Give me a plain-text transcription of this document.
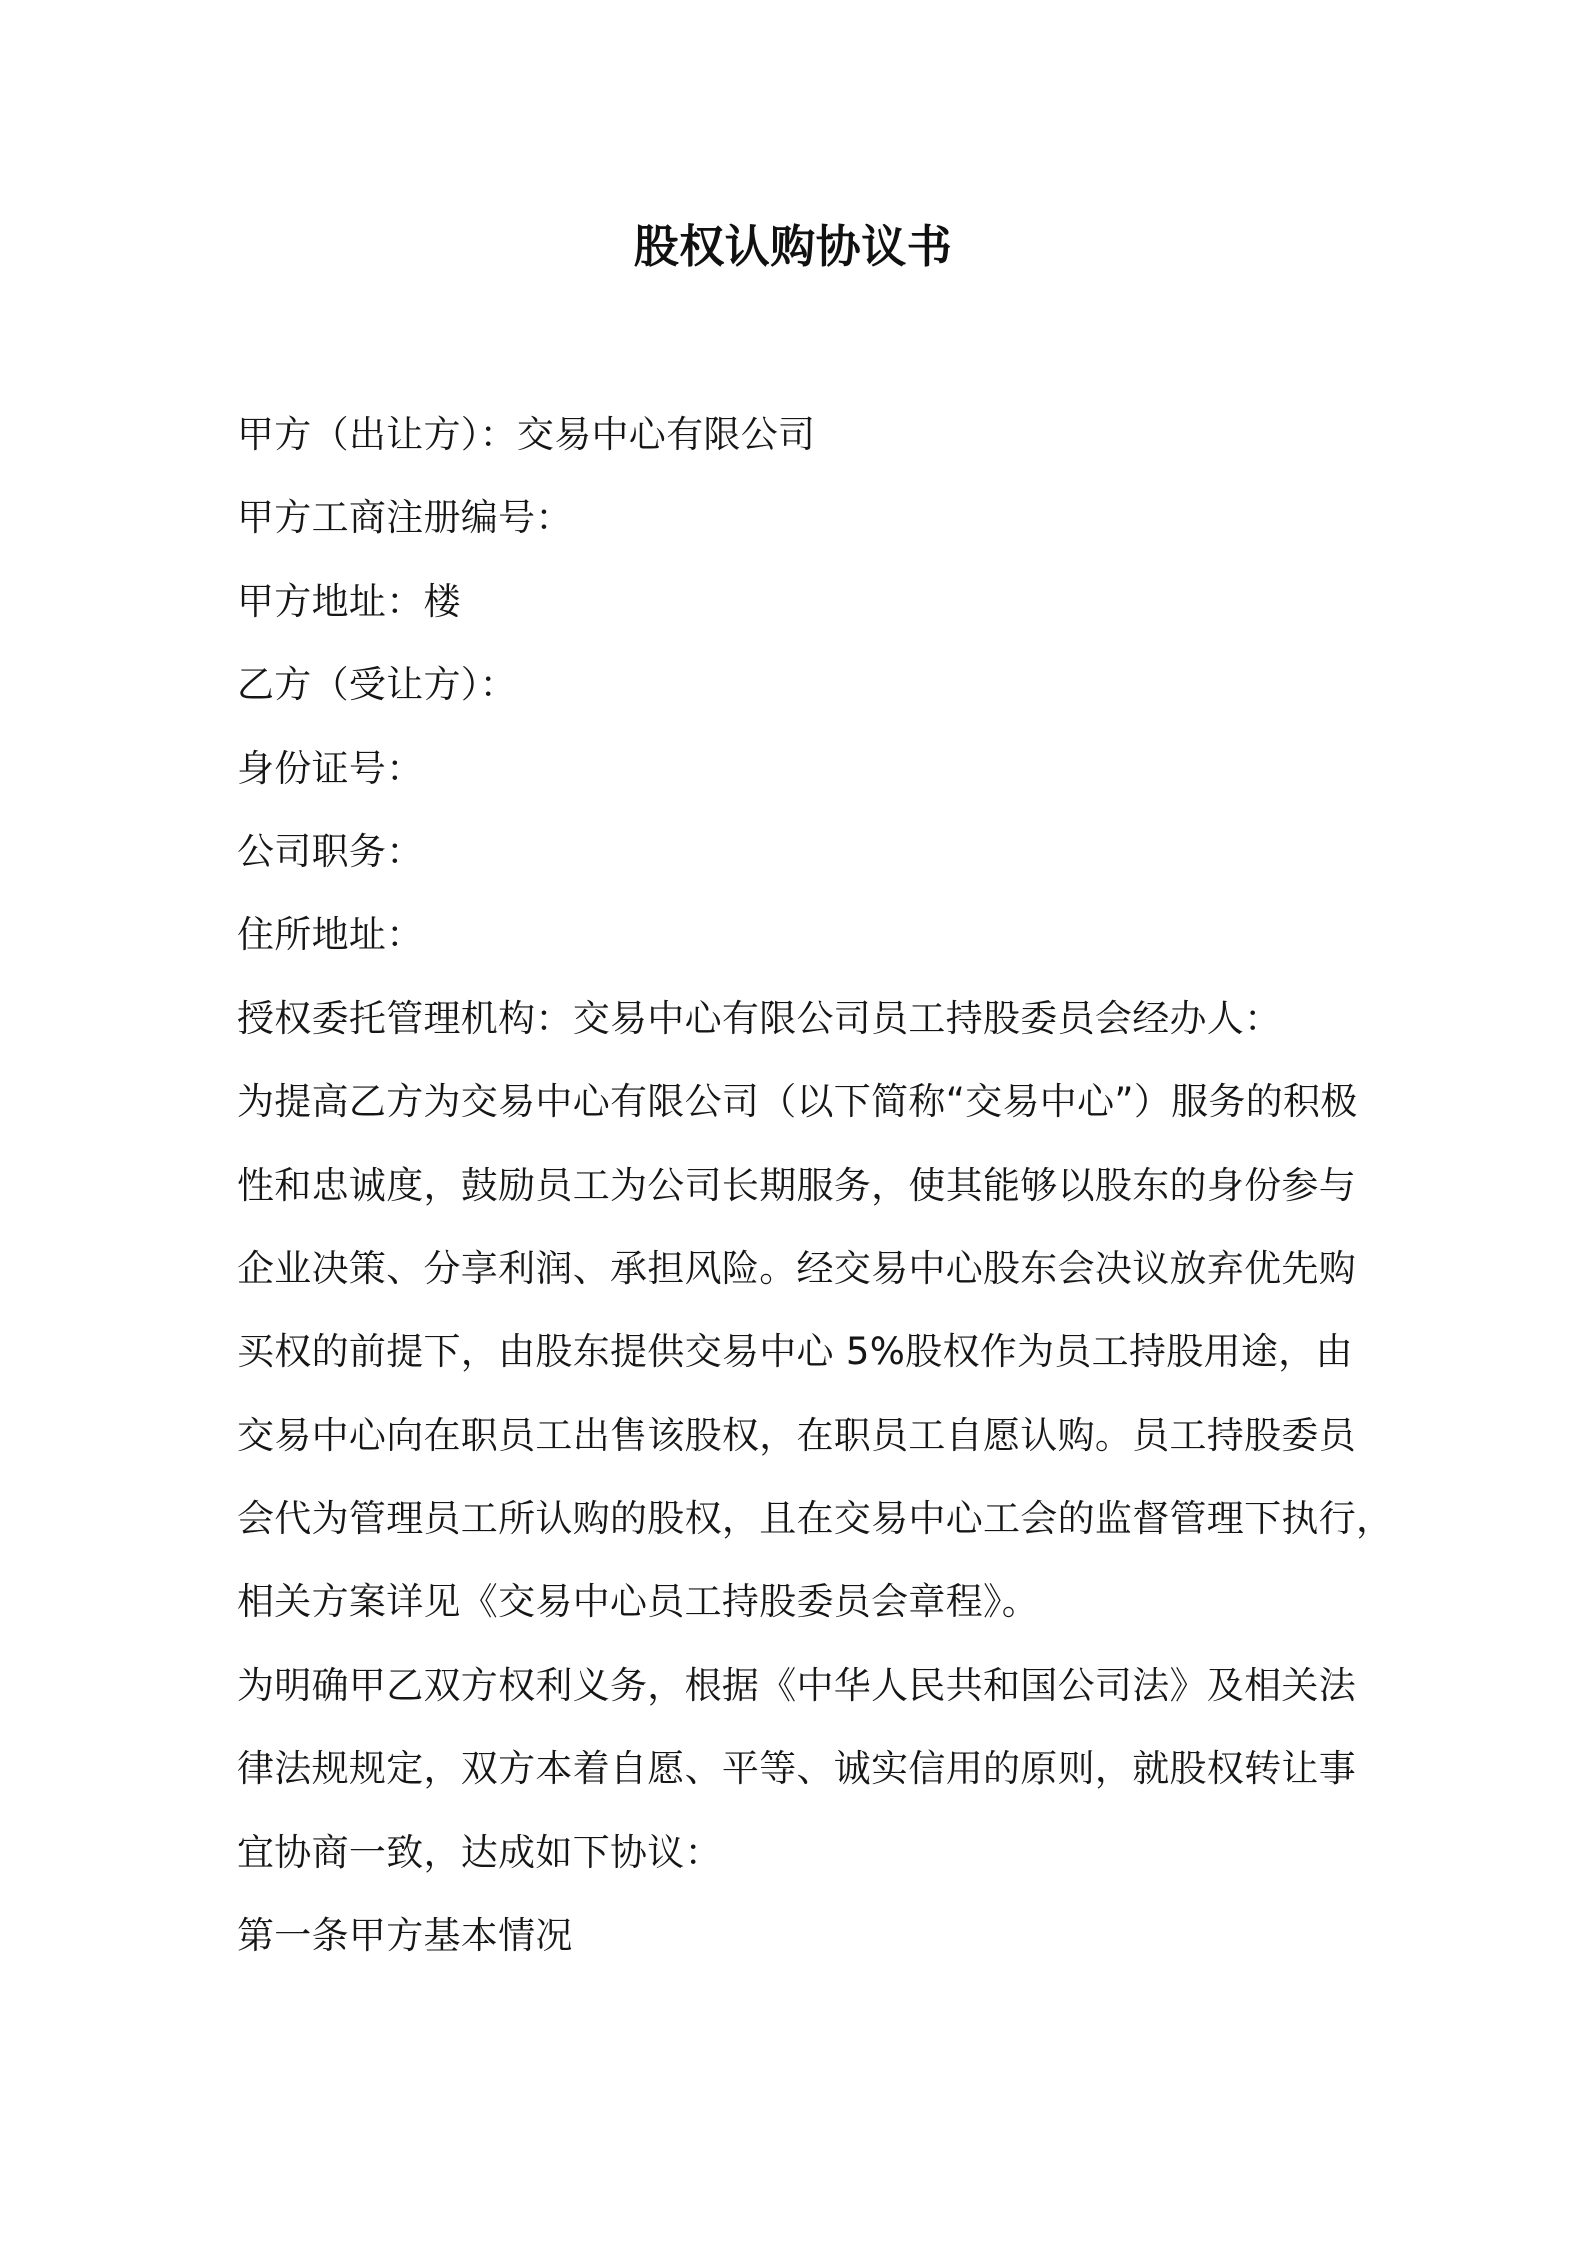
股权认购协议书
甲方（出让方）：交易中心有限公司
甲方工商注册编号：
甲方地址：楼
乙方（受让方）：
身份证号：
公司职务：
住所地址：
授权委托管理机构：交易中心有限公司员工持股委员会经办人：
为提高乙方为交易中心有限公司（以下简称“交易中心”）服务的积极
性和忠诚度，鼓励员工为公司长期服务，使其能够以股东的身份参与
企业决策、分享利润、承担风险。经交易中心股东会决议放弃优先购
买权的前提下，由股东提供交易中心 5%股权作为员工持股用途，由
交易中心向在职员工出售该股权，在职员工自愿认购。员工持股委员
会代为管理员工所认购的股权，且在交易中心工会的监督管理下执行，
相关方案详见《交易中心员工持股委员会章程》。
为明确甲乙双方权利义务，根据《中华人民共和国公司法》及相关法
律法规规定，双方本着自愿、平等、诚实信用的原则，就股权转让事
宜协商一致，达成如下协议：
第一条甲方基本情况
